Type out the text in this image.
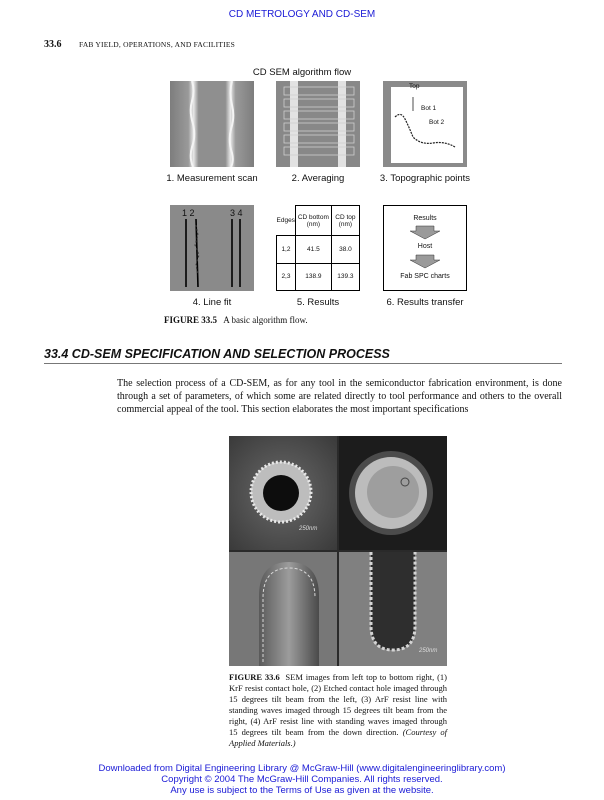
CD METROLOGY AND CD-SEM
33.6 FAB YIELD, OPERATIONS, AND FACILITIES
CD SEM algorithm flow
1. Measurement scan	2. Averaging
Top
Bot 1
Bot 2
3. Topographic points
1 2	3 4
4. Line fit
Edges	CD bottom (nm)	CD top (nm)
1,2	41.5	38.0
2,3	138.9	139.3
5. Results
Results
Host
Fab SPC charts
6. Results transfer
FIGURE 33.5 A basic algorithm flow.
33.4 CD-SEM SPECIFICATION AND SELECTION PROCESS
The selection process of a CD-SEM, as for any tool in the semiconductor fabrication environment, is done through a set of parameters, of which some are related directly to tool performance and others to the overall commercial appeal of the tool. This section elaborates the most important specifications
250nm
250nm
FIGURE 33.6 SEM images from left top to bottom right, (1) KrF resist contact hole, (2) Etched contact hole imaged through 15 degrees tilt beam from the left, (3) ArF resist line with standing waves imaged through 15 degrees tilt beam from the right, (4) ArF resist line with standing waves imaged through 15 degrees tilt beam from the down direction. (Courtesy of Applied Materials.)
Downloaded from Digital Engineering Library @ McGraw-Hill (www.digitalengineeringlibrary.com)
Copyright © 2004 The McGraw-Hill Companies. All rights reserved.
Any use is subject to the Terms of Use as given at the website.
